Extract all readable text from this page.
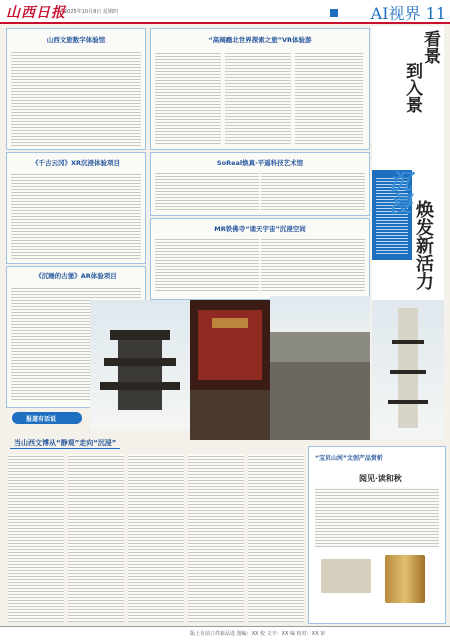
山西日报
2025年10月8日 星期四	AI视界 11
山西文旅数字体验馆	“高阔瘾北世界探索之旅”VR体验游
《千古云冈》XR沉浸体验项目	SoReal焕真·平遥科技艺术馆
MR铁佛寺“诵天宇宙”沉浸空间
《沉睡的古堡》AR体验项目
看景
到入景
沉浸
焕发新活力
报道有话说
当山西文博从“静观”走向“沉浸”
“宝贝山河”文创产品赏析
阅见·读和秋
版上有前立件新品选 图编：XX 校 文字：XX 编 校对：XX 审
